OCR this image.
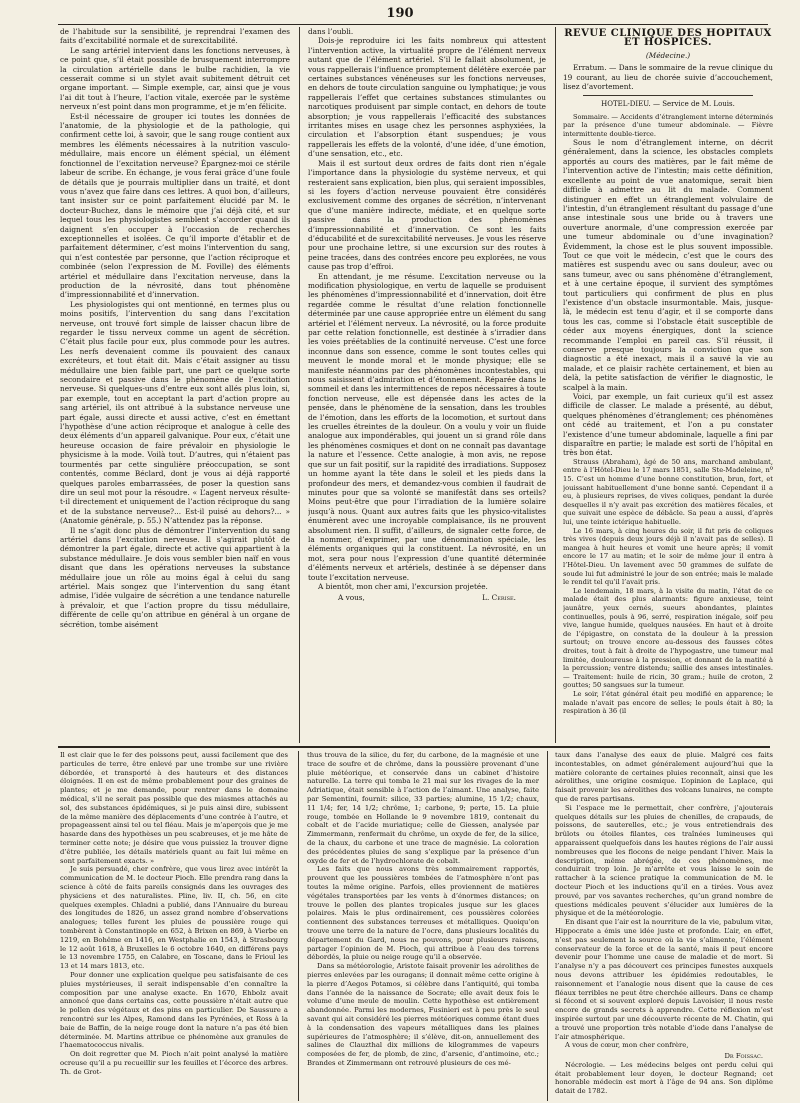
190

de l’habitude sur la sensibilité, je reprendrai l’examen des faits d’excitabilité normale et de surexcitabilité.

Le sang artériel intervient dans les fonctions nerveuses, à ce point que, s’il était possible de brusquement interrompre la circulation artérielle dans le bulbe rachidien, la vie cesserait comme si un stylet avait subitement détruit cet organe important. — Simple exemple, car, ainsi que je vous l’ai dit tout à l’heure, l’action vitale, exercée par le système nerveux n’est point dans mon programme, et je m’en félicite.

Est-il nécessaire de grouper ici toutes les données de l’anatomie, de la physiologie et de la pathologie, qui confirment cette loi, à savoir, que le sang rouge contient aux membres les éléments nécessaires à la nutrition vasculo-médullaire, mais encore un élément spécial, un élément fonctionnel de l’excitation nerveuse? Épargnez-moi ce stérile labeur de scribe. En échange, je vous ferai grâce d’une foule de détails que je pourrais multiplier dans un traité, et dont vous n’avez que faire dans ces lettres. A quoi bon, d’ailleurs, tant insister sur ce point parfaitement élucidé par M. le docteur-Buchez, dans le mémoire que j’ai déjà cité, et sur lequel tous les physiologistes semblent s’accorder quand ils daignent s’en occuper à l’occasion de recherches exceptionnelles et isolées. Ce qu’il importe d’établir et de parfaitement déterminer, c’est moins l’intervention du sang, qui n’est contestée par personne, que l’action réciproque et combinée (selon l’expression de M. Foville) des éléments artériel et médullaire dans l’excitation nerveuse, dans la production de la névrosité, dans tout phénomène d’impressionnabilité et d’innervation.

Les physiologistes qui ont mentionné, en termes plus ou moins positifs, l’intervention du sang dans l’excitation nerveuse, ont trouvé fort simple de laisser chacun libre de regarder le tissu nerveux comme un agent de sécrétion. C’était plus facile pour eux, plus commode pour les autres. Les nerfs devenaient comme ils pouvaient des canaux excréteurs, et tout était dit. Mais c’était assigner au tissu médullaire une bien faible part, une part ce quelque sorte secondaire et passive dans le phénomène de l’excitation nerveuse. Si quelques-uns d’entre eux sont allés plus loin, si, par exemple, tout en acceptant la part d’action propre au sang artériel, ils ont attribué à la substance nerveuse une part égale, aussi directe et aussi active, c’est en émettant l’hypothèse d’une action réciproque et analogue à celle des deux éléments d’un appareil galvanique. Pour eux, c’était une heureuse occasion de faire prévaloir en physiologie le physicisme à la mode. Voilà tout. D’autres, qui n’étaient pas tourmentés par cette singulière préoccupation, se sont contentés, comme Béclard, dont je vous ai déjà rapporté quelques paroles embarrassées, de poser la question sans dire un seul mot pour la résoudre. « L’agent nerveux résulte-t-il directement et uniquement de l’action réciproque du sang et de la substance nerveuse?... Est-il puisé au dehors?... » (Anatomie générale, p. 55.) N’attendez pas la réponse.

Il ne s’agit donc plus de démontrer l’intervention du sang artériel dans l’excitation nerveuse. Il s’agirait plutôt de démontrer la part égale, directe et active qui appartient à la substance médullaire. Je dois vous sembler bien naïf en vous disant que dans les opérations nerveuses la substance médullaire joue un rôle au moins égal à celui du sang artériel. Mais songez que l’intervention du sang étant admise, l’idée vulgaire de sécrétion a une tendance naturelle à prévaloir, et que l’action propre du tissu médullaire, différente de celle qu’on attribue en général à un organe de sécrétion, tombe aisément

dans l’oubli.

Dois-je reproduire ici les faits nombreux qui attestent l’intervention active, la virtualité propre de l’élément nerveux autant que de l’élément artériel. S’il le fallait absolument, je vous rappellerais l’influence promptement délétère exercée par certaines substances vénéneuses sur les fonctions nerveuses, en dehors de toute circulation sanguine ou lymphatique; je vous rappellerais l’effet que certaines substances stimulantes ou narcotiques produisent par simple contact, en dehors de toute absorption; je vous rappellerais l’efficacité des substances irritantes mises en usage chez les personnes asphyxiées, la circulation et l’absorption étant suspendues; je vous rappellerais les effets de la volonté, d’une idée, d’une émotion, d’une sensation, etc., etc.

Mais il est surtout deux ordres de faits dont rien n’égale l’importance dans la physiologie du système nerveux, et qui resteraient sans explication, bien plus, qui seraient impossibles, si les foyers d’action nerveuse pouvaient être considérés exclusivement comme des organes de sécrétion, n’intervenant que d’une manière indirecte, médiate, et en quelque sorte passive dans la production des phénomènes d’impressionnabilité et d’innervation. Ce sont les faits d’éducabilité et de surexcitabilité nerveuses. Je vous les réserve pour une prochaine lettre, si une excursion sur des routes à peine tracées, dans des contrées encore peu explorées, ne vous cause pas trop d’effroi.

En attendant, je me résume. L’excitation nerveuse ou la modification physiologique, en vertu de laquelle se produisent les phénomènes d’impressionnabilité et d’innervation, doit être regardée comme le résultat d’une relation fonctionnelle déterminée par une cause appropriée entre un élément du sang artériel et l’élément nerveux. La névrosité, ou la force produite par cette relation fonctionnelle, est destinée à s’irradier dans les voies préétablies de la continuité nerveuse. C’est une force inconnue dans son essence, comme le sont toutes celles qui meuvent le monde moral et le monde physique; elle se manifeste néanmoins par des phénomènes incontestables, qui nous saisissent d’admiration et d’étonnement. Réparée dans le sommeil et dans les intermittences de repos nécessaires à toute fonction nerveuse, elle est dépensée dans les actes de la pensée, dans le phénomène de la sensation, dans les troubles de l’émotion, dans les efforts de la locomotion, et surtout dans les cruelles étreintes de la douleur. On a voulu y voir un fluide analogue aux impondérables, qui jouent un si grand rôle dans les phénomènes cosmiques et dont on ne connaît pas davantage la nature et l’essence. Cette analogie, à mon avis, ne repose que sur un fait positif, sur la rapidité des irradiations. Supposez un homme ayant la tête dans le soleil et les pieds dans la profondeur des mers, et demandez-vous combien il faudrait de minutes pour que sa volonté se manifestât dans ses orteils? Moins peut-être que pour l’irradiation de la lumière solaire jusqu’à nous. Quant aux autres faits que les physico-vitalistes énumèrent avec une incroyable complaisance, ils ne prouvent absolument rien. Il suffit, d’ailleurs, de signaler cette force, de la nommer, d’exprimer, par une dénomination spéciale, les éléments organiques qui la constituent. La névrosité, en un mot, sera pour nous l’expression d’une quantité déterminée d’éléments nerveux et artériels, destinée à se dépenser dans toute l’excitation nerveuse.

A bientôt, mon cher ami, l’excursion projetée.

A vous,	L. Cerise.
REVUE CLINIQUE DES HOPITAUX ET HOSPICES.
(Médecine.)

Erratum. — Dans le sommaire de la revue clinique du 19 courant, au lieu de chorée suivie d’accouchement, lisez d’avortement.

HOTEL-DIEU. — Service de M. Louis.

Sommaire. — Accidents d’étranglement interne déterminés par la présence d’une tumeur abdominale. — Fièvre intermittente double-tierce.

Sous le nom d’étranglement interne, on décrit généralement, dans la science, les obstacles complets apportés au cours des matières, par le fait même de l’intervention active de l’intestin; mais cette définition, excellente au point de vue anatomique, serait bien difficile à admettre au lit du malade. Comment distinguer en effet un étranglement volvulaire de l’intestin, d’un étranglement résultant du passage d’une anse intestinale sous une bride ou à travers une ouverture anormale, d’une compression exercée par une tumeur abdominale ou d’une invagination? Évidemment, la chose est le plus souvent impossible. Tout ce que voit le médecin, c’est que le cours des matières est suspendu avec ou sans douleur, avec ou sans tumeur, avec ou sans phénomène d’étranglement, et à une certaine époque, il survient des symptômes tout particuliers qui confirment de plus en plus l’existence d’un obstacle insurmontable. Mais, jusque-là, le médecin est tenu d’agir, et il se comporte dans tous les cas, comme si l’obstacle était susceptible de céder aux moyens énergiques, dont la science recommande l’emploi en pareil cas. S’il réussit, il conserve presque toujours la conviction que son diagnostic a été inexact, mais il a sauvé la vie au malade, et ce plaisir rachète certainement, et bien au delà, la petite satisfaction de vérifier le diagnostic, le scalpel à la main.

Voici, par exemple, un fait curieux qu’il est assez difficile de classer. Le malade a présenté, au début, quelques phénomènes d’étranglement; ces phénomènes ont cédé au traitement, et l’on a pu constater l’existence d’une tumeur abdominale, laquelle a fini par disparaître en partie; le malade est sorti de l’hôpital en très bon état.

Strauss (Abraham), âgé de 50 ans, marchand ambulant, entre à l’Hôtel-Dieu le 17 mars 1851, salle Ste-Madeleine, nº 15. C’est un homme d’une bonne constitution, brun, fort, et jouissant habituellement d’une bonne santé. Cependant il a eu, à plusieurs reprises, de vives coliques, pendant la durée desquelles il n’y avait pas excrétion des matières fécales, et que suivait une espèce de débâcle. Sa peau a aussi, d’après lui, une teinte ictérique habituelle.

Le 16 mars, à cinq heures du soir, il fut pris de coliques très vives (depuis deux jours déjà il n’avait pas de selles). Il mangea à huit heures et vomit une heure après; il vomit encore le 17 au matin; et le soir de même jour il entra à l’Hôtel-Dieu. Un lavement avec 50 grammes de sulfate de soude lui fut administré le jour de son entrée; mais le malade le rendit tel qu’il l’avait pris.

Le lendemain, 18 mars, à la visite du matin, l’état de ce malade était des plus alarmants: figure anxieuse, teint jaunâtre, yeux cernés, sueurs abondantes, plaintes continuelles, pouls à 96, serré, respiration inégale, soif peu vive, langue humide, quelques nausées. En haut et à droite de l’épigastre, on constata de la douleur à la pression surtout; on trouve encore au-dessous des fausses côtes droites, tout à fait à droite de l’hypogastre, une tumeur mal limitée, douloureuse à la pression, et donnant de la matité à la percussion; ventre distendu; saillie des anses intestinales. — Traitement: huile de ricin, 30 gram.; huile de croton, 2 gouttes; 50 sangsues sur la tumeur.

Le soir, l’état général était peu modifié en apparence; le malade n’avait pas encore de selles; le pouls était à 80; la respiration à 36 (il

Il est clair que le fer des poissons peut, aussi facilement que des particules de terre, être enlevé par une trombe sur une rivière débordée, et transporté à des hauteurs et des distances éloignées. Il en est de même probablement pour des graines de plantes; et je me demande, pour rentrer dans le domaine médical, s’il ne serait pas possible que des miasmes attachés au sol, des substances épidémiques, si je puis ainsi dire, subissent de la même manière des déplacements d’une contrée à l’autre, et propageassent ainsi tel ou tel fléau. Mais je m’aperçois que je me hasarde dans des hypothèses un peu scabreuses, et je me hâte de terminer cette note; je désire que vous puissiez la trouver digne d’être publiée, les détails matériels quant au fait lui même en sont parfaitement exacts. »

Je suis persuadé, cher confrère, que vous lirez avec intérêt la communication de M. le docteur Pioch. Elle prendra rang dans la science à côté de faits pareils consignés dans les ouvrages des physiciens et des naturalistes. Pline, liv. II, ch. 56, en cite quelques exemples. Chladni a publié, dans l’Annuaire du bureau des longitudes de 1826, un assez grand nombre d’observations analogues; telles furent les pluies de poussière rouge qui tombèrent à Constantinople en 652, à Brixen en 869, à Vierbe en 1219, en Bohême en 1416, en Westphalie en 1543, à Strasbourg le 12 août 1618, à Bruxelles le 6 octobre 1640, en différens pays le 13 novembre 1755, en Calabre, en Toscane, dans le Frioul les 13 et 14 mars 1813, etc.

Pour donner une explication quelque peu satisfaisante de ces pluies mystérieuses, il serait indispensable d’en connaître la composition par une analyse exacte. En 1670, Ehbolz avait annoncé que dans certains cas, cette poussière n’était autre que le pollen des végétaux et des pins en particulier. De Saussure a rencontré sur les Alpes, Ramond dans les Pyrénées, et Ross à la baie de Baffin, de la neige rouge dont la nature n’a pas été bien déterminée. M. Martins attribue ce phénomène aux granules de l’haematococcus nivalis.

On doit regretter que M. Pioch n’ait point analysé la matière ocreuse qu’il a pu recueillir sur les feuilles et l’écorce des arbres. Th. de Grot-

thus trouva de la silice, du fer, du carbone, de la magnésie et une trace de soufre et de chrôme, dans la poussière provenant d’une pluie météorique, et conservée dans un cabinet d’histoire naturelle. La terre qui tomba le 21 mai sur les rivages de la mer Adriatique, était sensible à l’action de l’aimant. Une analyse, faite par Sementini, fournit: silice, 33 parties; alumine, 15 1/2; chaux, 11 1/4; fer, 14 1/2; chrôme, 1; carbone, 9; perte, 15. La pluie rouge, tombée en Hollande le 9 novembre 1819, contenait du cobalt et de l’acide muriatique; celle de Giessen, analysée par Zimmermann, renfermait du chrôme, un oxyde de fer, de la silice, de la chaux, du carbone et une trace de magnésie. La coloration des précédentes pluies de sang s’explique par la présence d’un oxyde de fer et de l’hydrochlorate de cobalt.

Les faits que nous avons très sommairement rapportés, prouvent que les poussières tombées de l’atmosphère n’ont pas toutes la même origine. Parfois, elles proviennent de matières végétales transportées par les vents à d’énormes distances; on trouve le pollen des plantes tropicales jusque sur les glaces polaires. Mais le plus ordinairement, ces poussières colorées contiennent des substances terreuses et métalliques. Quoiqu’on trouve une terre de la nature de l’ocre, dans plusieurs localités du département du Gard, nous ne pouvons, pour plusieurs raisons, partager l’opinion de M. Pioch, qui attribue à l’eau des torrens débordés, la pluie ou neige rouge qu’il a observée.

Dans sa météorologie, Aristote faisait provenir les aérolithes de pierres enlevées par les ouragans; il donnait même cette origine à la pierre d’Aegos Potamos, si célèbre dans l’antiquité, qui tomba dans l’année de la naissance de Socrate; elle avait deux fois le volume d’une meule de moulin. Cette hypothèse est entièrement abandonnée. Parmi les modernes, Fusinieri est à peu près le seul savant qui ait considéré les pierres météoriques comme étant dues à la condensation des vapeurs métalliques dans les plaines supérieures de l’atmosphère; il s’élève, dit-on, annuellement des salines de Clauzthal dix millions de kilogrammes de vapeurs composées de fer, de plomb, de zinc, d’arsenic, d’antimoine, etc.; Brandes et Zimmermann ont retrouvé plusieurs de ces mé-

taux dans l’analyse des eaux de pluie. Malgré ces faits incontestables, on admet généralement aujourd’hui que la matière colorante de certaines pluies reconnaît, ainsi que les aérolithes, une origine cosmique. L’opinion de Laplace, qui faisait provenir les aérolithes des volcans lunaires, ne compte que de rares partisans.

Si l’espace me le permettait, cher confrère, j’ajouterais quelques détails sur les pluies de chenilles, de crapauds, de poissons, de sauterelles, etc.; je vous entretiendrais des brûlots ou étoiles filantes, ces traînées lumineuses qui apparaissent quelquefois dans les hautes régions de l’air aussi nombreuses que les flocons de neige pendant l’hiver. Mais la description, même abrégée, de ces phénomènes, me conduirait trop loin. Je m’arrête et vous laisse le soin de rattacher à la science pratique la communication de M. le docteur Pioch et les inductions qu’il en a tirées. Vous avez prouvé, par vos savantes recherches, qu’un grand nombre de questions médicales peuvent s’élucider aux lumières de la physique et de la météorologie.

En disant que l’air est la nourriture de la vie, pabulum vitæ, Hippocrate a émis une idée juste et profonde. L’air, en effet, n’est pas seulement la source où la vie s’alimente, l’élément conservateur de la force et de la santé, mais il peut encore devenir pour l’homme une cause de maladie et de mort. Si l’analyse n’y a pas découvert ces principes funestes auxquels nous devons attribuer les épidémies redoutables, le raisonnement et l’analogie nous disent que la cause de ces fléaux terribles ne peut être cherchée ailleurs. Dans ce champ si fécond et si souvent exploré depuis Lavoisier, il nous reste encore de grands secrets à apprendre. Cette réflexion m’est inspirée surtout par une découverte récente de M. Chatin, qui a trouvé une proportion très notable d’iode dans l’analyse de l’air atmosphérique.

A vous de cœur, mon cher confrère,

Dr Foissac.

Nécrologie. — Les médecins belges ont perdu celui qui était probablement leur doyen, le docteur Regnand; cet honorable médecin est mort à l’âge de 94 ans. Son diplôme datait de 1782.
